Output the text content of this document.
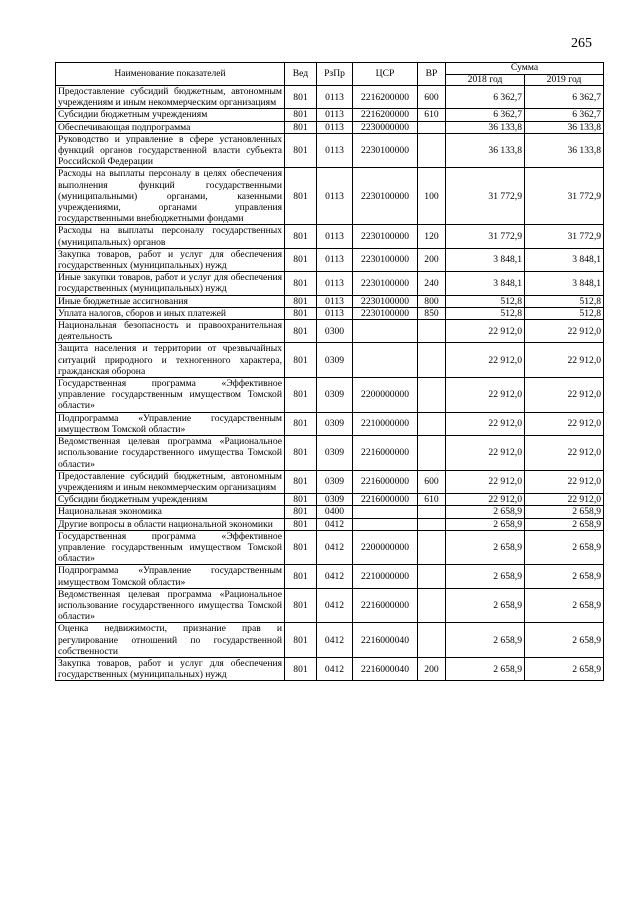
265
Наименование показателей	Вед	РзПр	ЦСР	ВР	Сумма	
					2018 год	2019 год
Предоставление субсидий бюджетным, автономным учреждениям и иным некоммерческим организациям	801	0113	2216200000	600	6 362,7	6 362,7
Субсидии бюджетным учреждениям	801	0113	2216200000	610	6 362,7	6 362,7
Обеспечивающая подпрограмма	801	0113	2230000000		36 133,8	36 133,8
Руководство и управление в сфере установленных функций органов государственной власти субъекта Российской Федерации	801	0113	2230100000		36 133,8	36 133,8
Расходы на выплаты персоналу в целях обеспечения выполнения функций государственными (муниципальными) органами, казенными учреждениями, органами управления государственными внебюджетными фондами	801	0113	2230100000	100	31 772,9	31 772,9
Расходы на выплаты персоналу государственных (муниципальных) органов	801	0113	2230100000	120	31 772,9	31 772,9
Закупка товаров, работ и услуг для обеспечения государственных (муниципальных) нужд	801	0113	2230100000	200	3 848,1	3 848,1
Иные закупки товаров, работ и услуг для обеспечения государственных (муниципальных) нужд	801	0113	2230100000	240	3 848,1	3 848,1
Иные бюджетные ассигнования	801	0113	2230100000	800	512,8	512,8
Уплата налогов, сборов и иных платежей	801	0113	2230100000	850	512,8	512,8
Национальная безопасность и правоохранительная деятельность	801	0300			22 912,0	22 912,0
Защита населения и территории от чрезвычайных ситуаций природного и техногенного характера, гражданская оборона	801	0309			22 912,0	22 912,0
Государственная программа «Эффективное управление государственным имуществом Томской области»	801	0309	2200000000		22 912,0	22 912,0
Подпрограмма «Управление государственным имуществом Томской области»	801	0309	2210000000		22 912,0	22 912,0
Ведомственная целевая программа «Рациональное использование государственного имущества Томской области»	801	0309	2216000000		22 912,0	22 912,0
Предоставление субсидий бюджетным, автономным учреждениям и иным некоммерческим организациям	801	0309	2216000000	600	22 912,0	22 912,0
Субсидии бюджетным учреждениям	801	0309	2216000000	610	22 912,0	22 912,0
Национальная экономика	801	0400			2 658,9	2 658,9
Другие вопросы в области национальной экономики	801	0412			2 658,9	2 658,9
Государственная программа «Эффективное управление государственным имуществом Томской области»	801	0412	2200000000		2 658,9	2 658,9
Подпрограмма «Управление государственным имуществом Томской области»	801	0412	2210000000		2 658,9	2 658,9
Ведомственная целевая программа «Рациональное использование государственного имущества Томской области»	801	0412	2216000000		2 658,9	2 658,9
Оценка недвижимости, признание прав и регулирование отношений по государственной собственности	801	0412	2216000040		2 658,9	2 658,9
Закупка товаров, работ и услуг для обеспечения государственных (муниципальных) нужд	801	0412	2216000040	200	2 658,9	2 658,9
